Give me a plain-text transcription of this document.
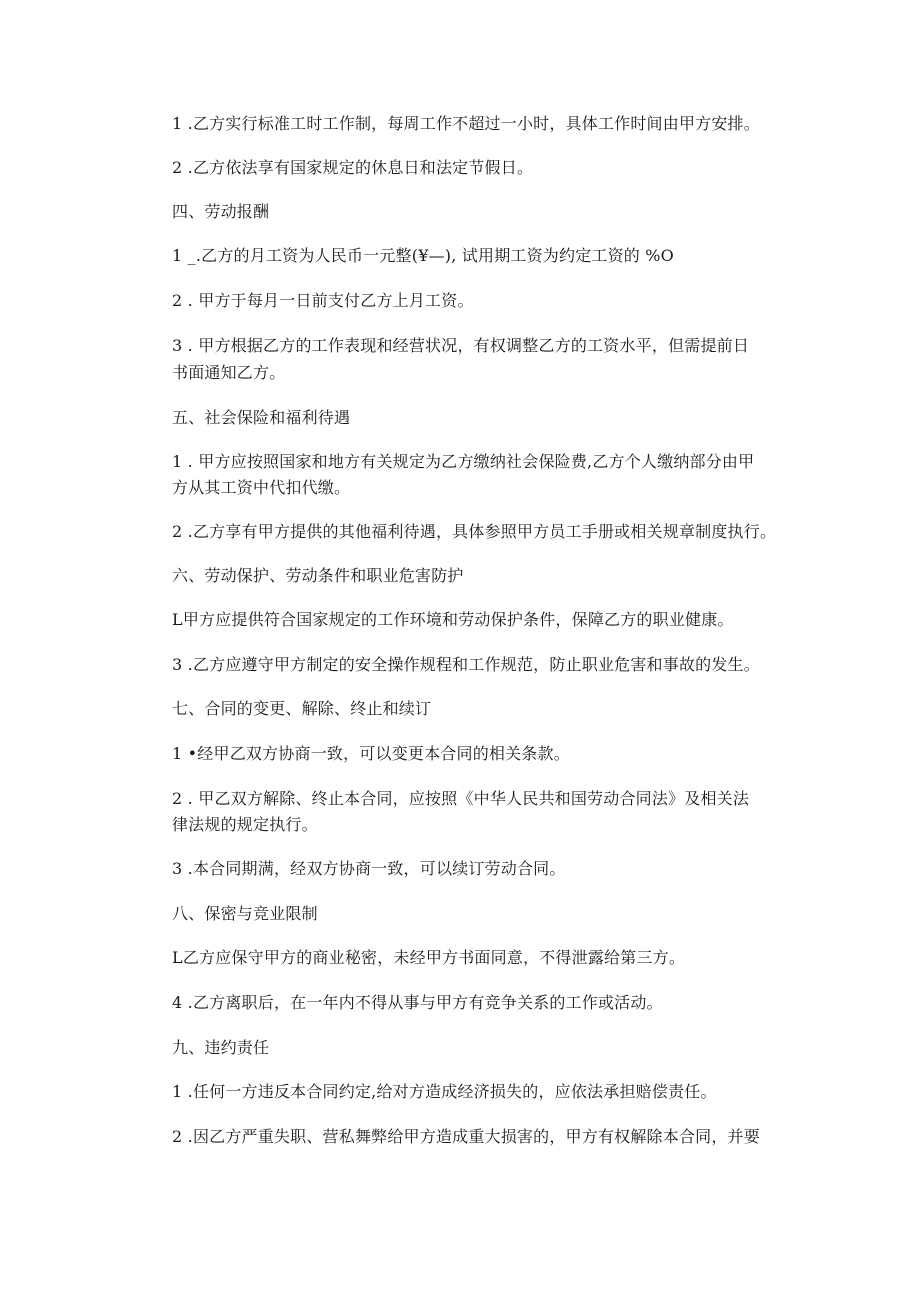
1 .乙方实行标准工时工作制，每周工作不超过一小时，具体工作时间由甲方安排。
2 .乙方依法享有国家规定的休息日和法定节假日。
四、劳动报酬
1 _.乙方的月工资为人民币一元整(¥—), 试用期工资为约定工资的 %O
2 . 甲方于每月一日前支付乙方上月工资。
3 . 甲方根据乙方的工作表现和经营状况，有权调整乙方的工资水平，但需提前日
书面通知乙方。
五、社会保险和福利待遇
1 . 甲方应按照国家和地方有关规定为乙方缴纳社会保险费,乙方个人缴纳部分由甲
方从其工资中代扣代缴。
2 .乙方享有甲方提供的其他福利待遇，具体参照甲方员工手册或相关规章制度执行。
六、劳动保护、劳动条件和职业危害防护
L甲方应提供符合国家规定的工作环境和劳动保护条件，保障乙方的职业健康。
3 .乙方应遵守甲方制定的安全操作规程和工作规范，防止职业危害和事故的发生。
七、合同的变更、解除、终止和续订
1 •经甲乙双方协商一致，可以变更本合同的相关条款。
2 . 甲乙双方解除、终止本合同，应按照《中华人民共和国劳动合同法》及相关法
律法规的规定执行。
3 .本合同期满，经双方协商一致，可以续订劳动合同。
八、保密与竞业限制
L乙方应保守甲方的商业秘密，未经甲方书面同意，不得泄露给第三方。
4 .乙方离职后，在一年内不得从事与甲方有竞争关系的工作或活动。
九、违约责任
1 .任何一方违反本合同约定,给对方造成经济损失的，应依法承担赔偿责任。
2 .因乙方严重失职、营私舞弊给甲方造成重大损害的，甲方有权解除本合同，并要
